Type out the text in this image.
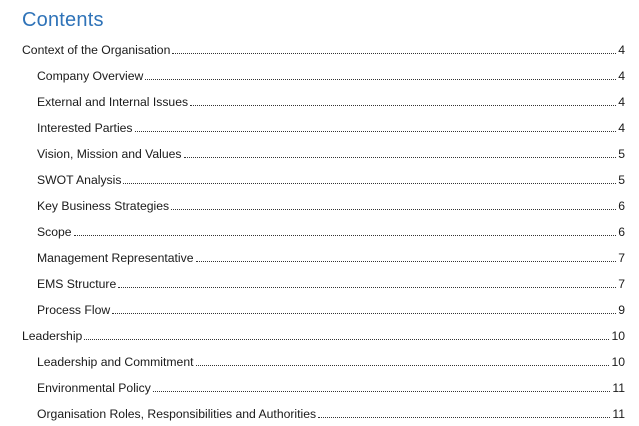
Contents
Context of the Organisation	4
Company Overview	4
External and Internal Issues	4
Interested Parties	4
Vision, Mission and Values	5
SWOT Analysis	5
Key Business Strategies	6
Scope	6
Management Representative	7
EMS Structure	7
Process Flow	9
Leadership	10
Leadership and Commitment	10
Environmental Policy	11
Organisation Roles, Responsibilities and Authorities	11
